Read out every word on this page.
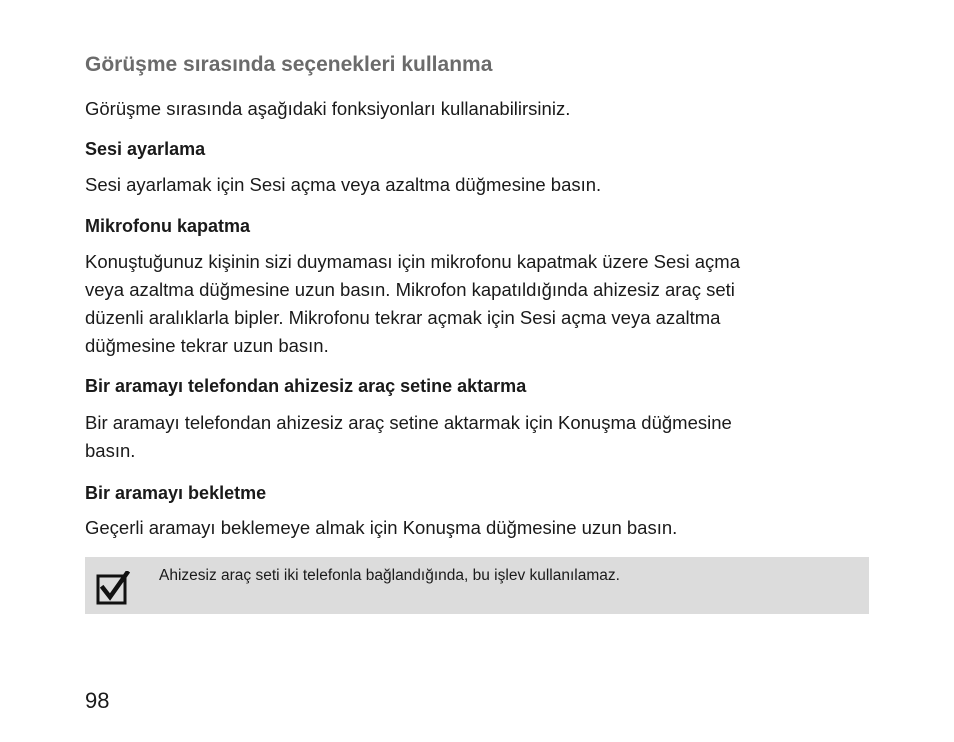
Görüşme sırasında seçenekleri kullanma

Görüşme sırasında aşağıdaki fonksiyonları kullanabilirsiniz.

Sesi ayarlama

Sesi ayarlamak için Sesi açma veya azaltma düğmesine basın.

Mikrofonu kapatma

Konuştuğunuz kişinin sizi duymaması için mikrofonu kapatmak üzere Sesi açma
veya azaltma düğmesine uzun basın. Mikrofon kapatıldığında ahizesiz araç seti
düzenli aralıklarla bipler. Mikrofonu tekrar açmak için Sesi açma veya azaltma
düğmesine tekrar uzun basın.

Bir aramayı telefondan ahizesiz araç setine aktarma

Bir aramayı telefondan ahizesiz araç setine aktarmak için Konuşma düğmesine
basın.

Bir aramayı bekletme

Geçerli aramayı beklemeye almak için Konuşma düğmesine uzun basın.

Ahizesiz araç seti iki telefonla bağlandığında, bu işlev kullanılamaz.

98
